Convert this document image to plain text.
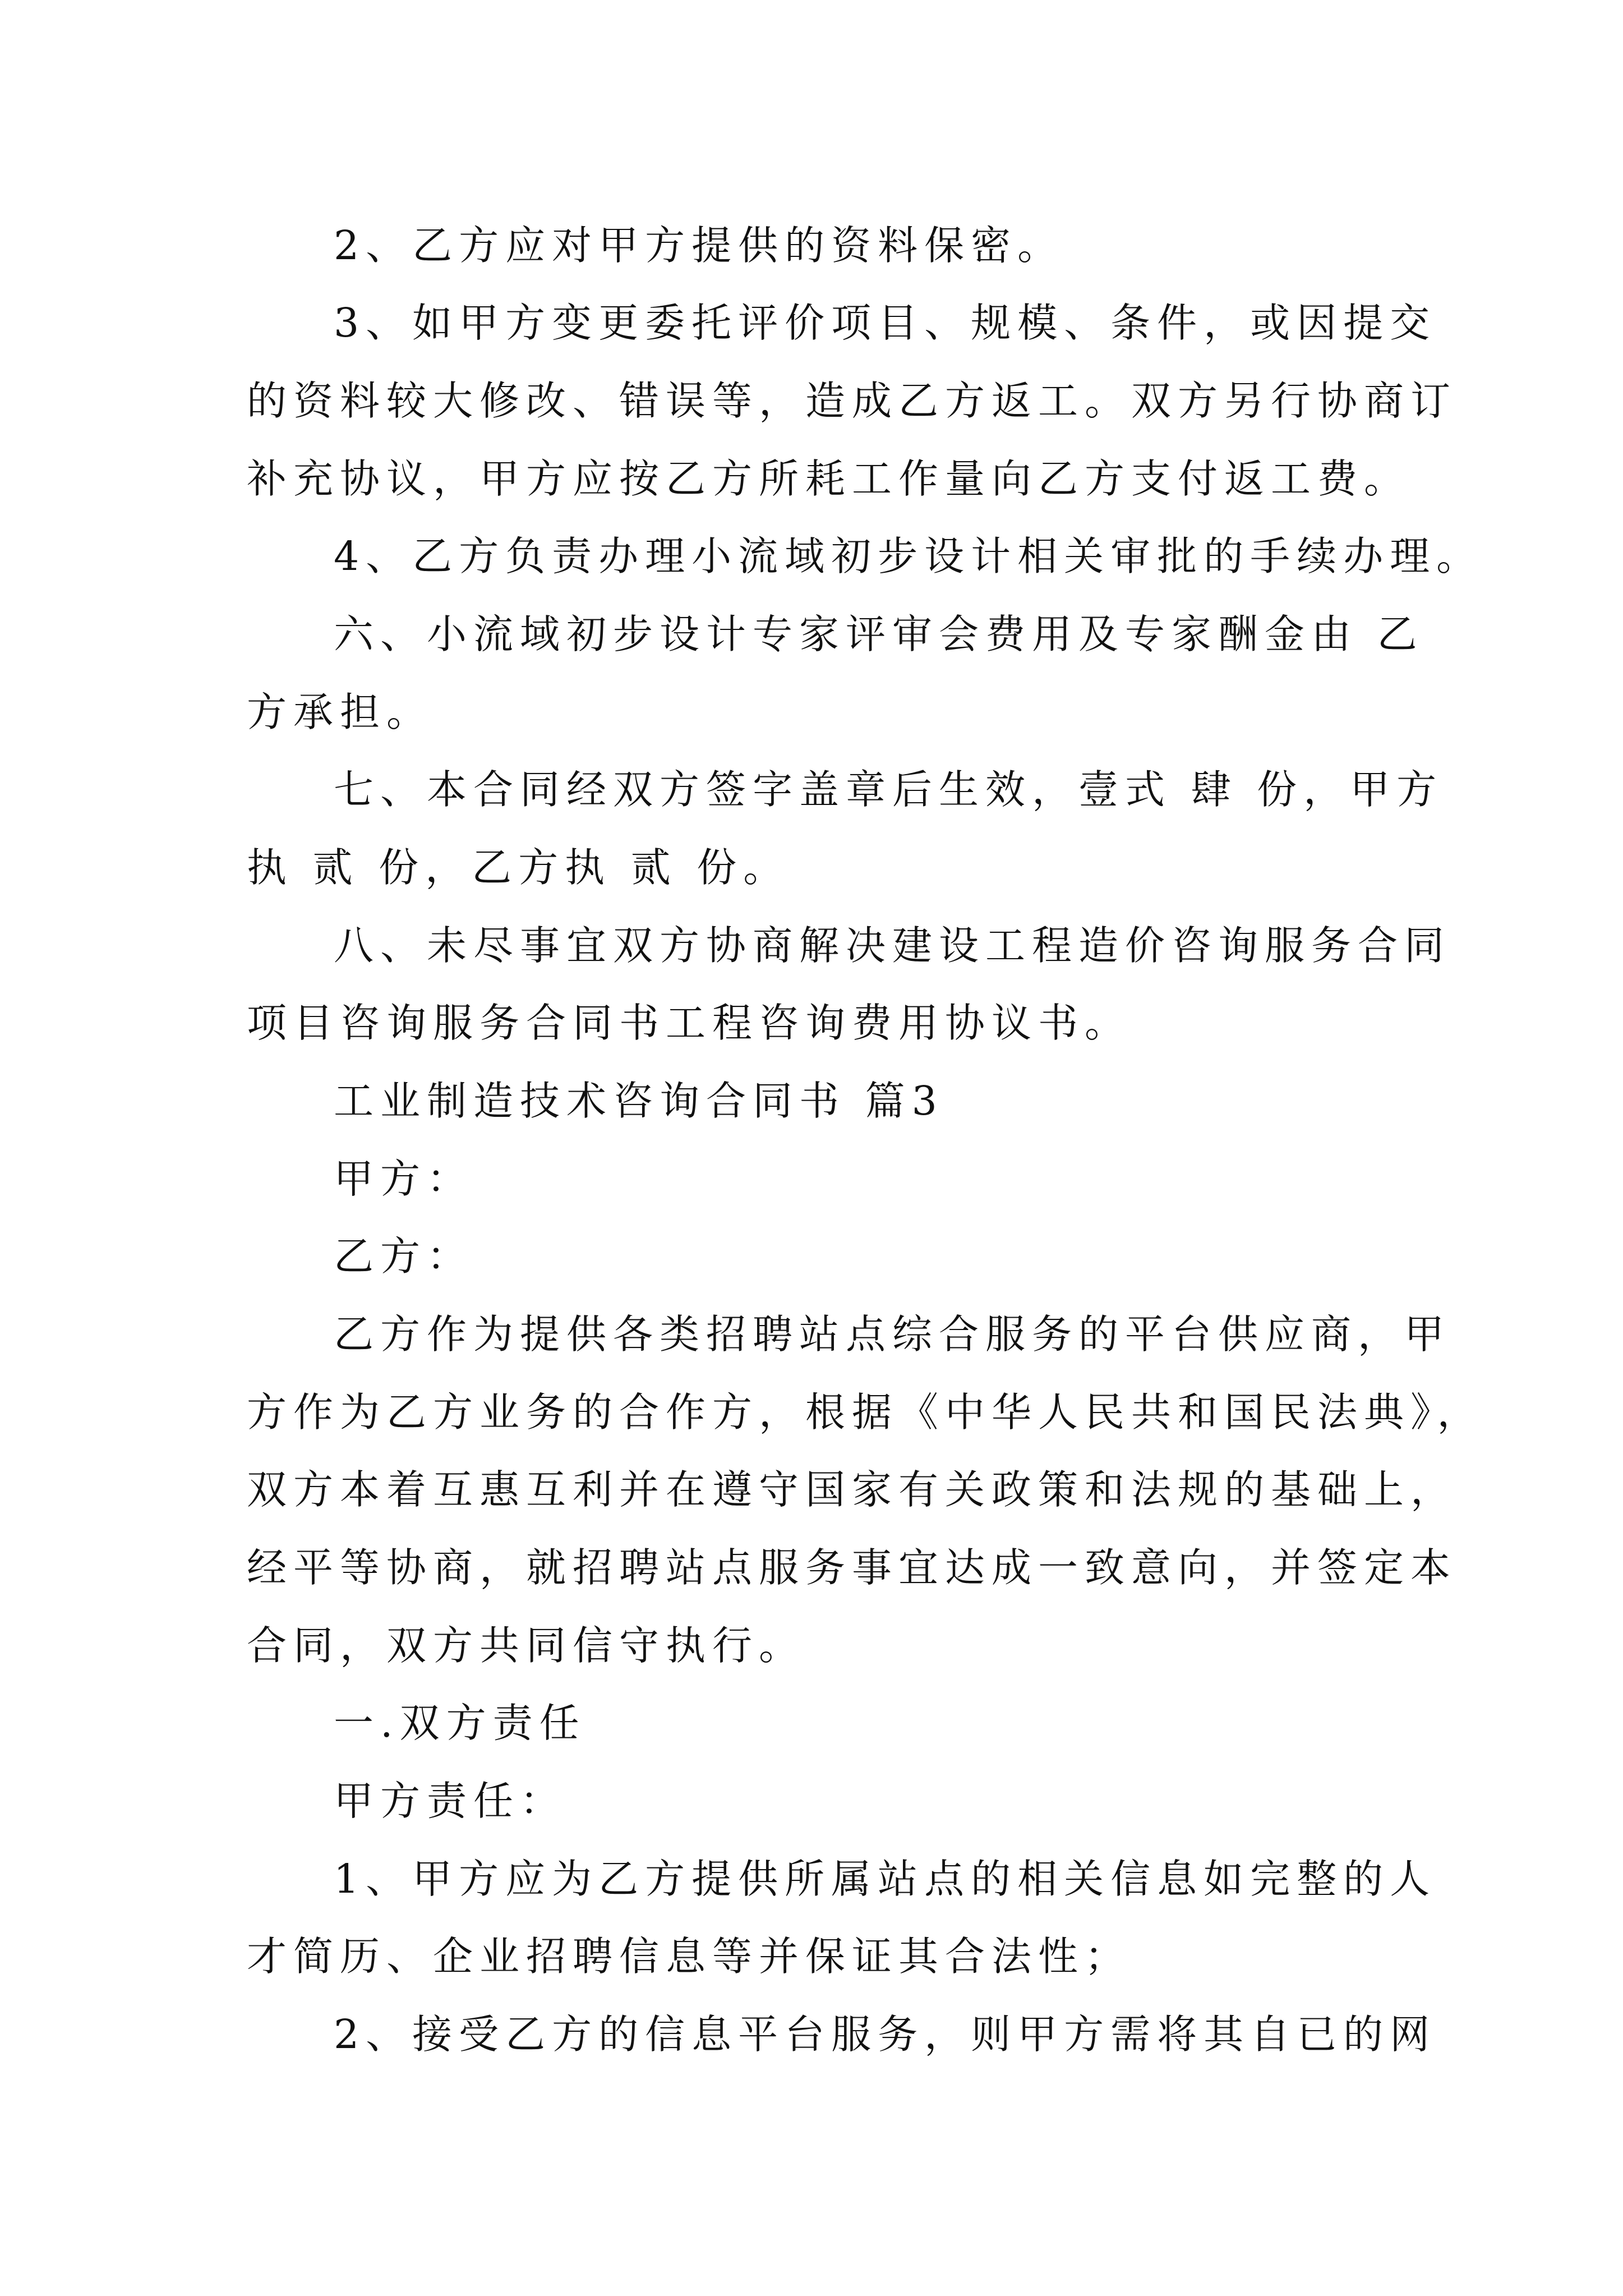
2、乙方应对甲方提供的资料保密。

3、如甲方变更委托评价项目、规模、条件，或因提交

的资料较大修改、错误等，造成乙方返工。双方另行协商订

补充协议，甲方应按乙方所耗工作量向乙方支付返工费。

4、乙方负责办理小流域初步设计相关审批的手续办理。

六、小流域初步设计专家评审会费用及专家酬金由 乙

方承担。

七、本合同经双方签字盖章后生效，壹式 肆 份，甲方

执 贰 份，乙方执 贰 份。

八、未尽事宜双方协商解决建设工程造价咨询服务合同

项目咨询服务合同书工程咨询费用协议书。

工业制造技术咨询合同书 篇3

甲方：

乙方：

乙方作为提供各类招聘站点综合服务的平台供应商，甲

方作为乙方业务的合作方，根据《中华人民共和国民法典》，

双方本着互惠互利并在遵守国家有关政策和法规的基础上，

经平等协商，就招聘站点服务事宜达成一致意向，并签定本

合同，双方共同信守执行。

一.双方责任

甲方责任：

1、甲方应为乙方提供所属站点的相关信息如完整的人

才简历、企业招聘信息等并保证其合法性；

2、接受乙方的信息平台服务，则甲方需将其自已的网
